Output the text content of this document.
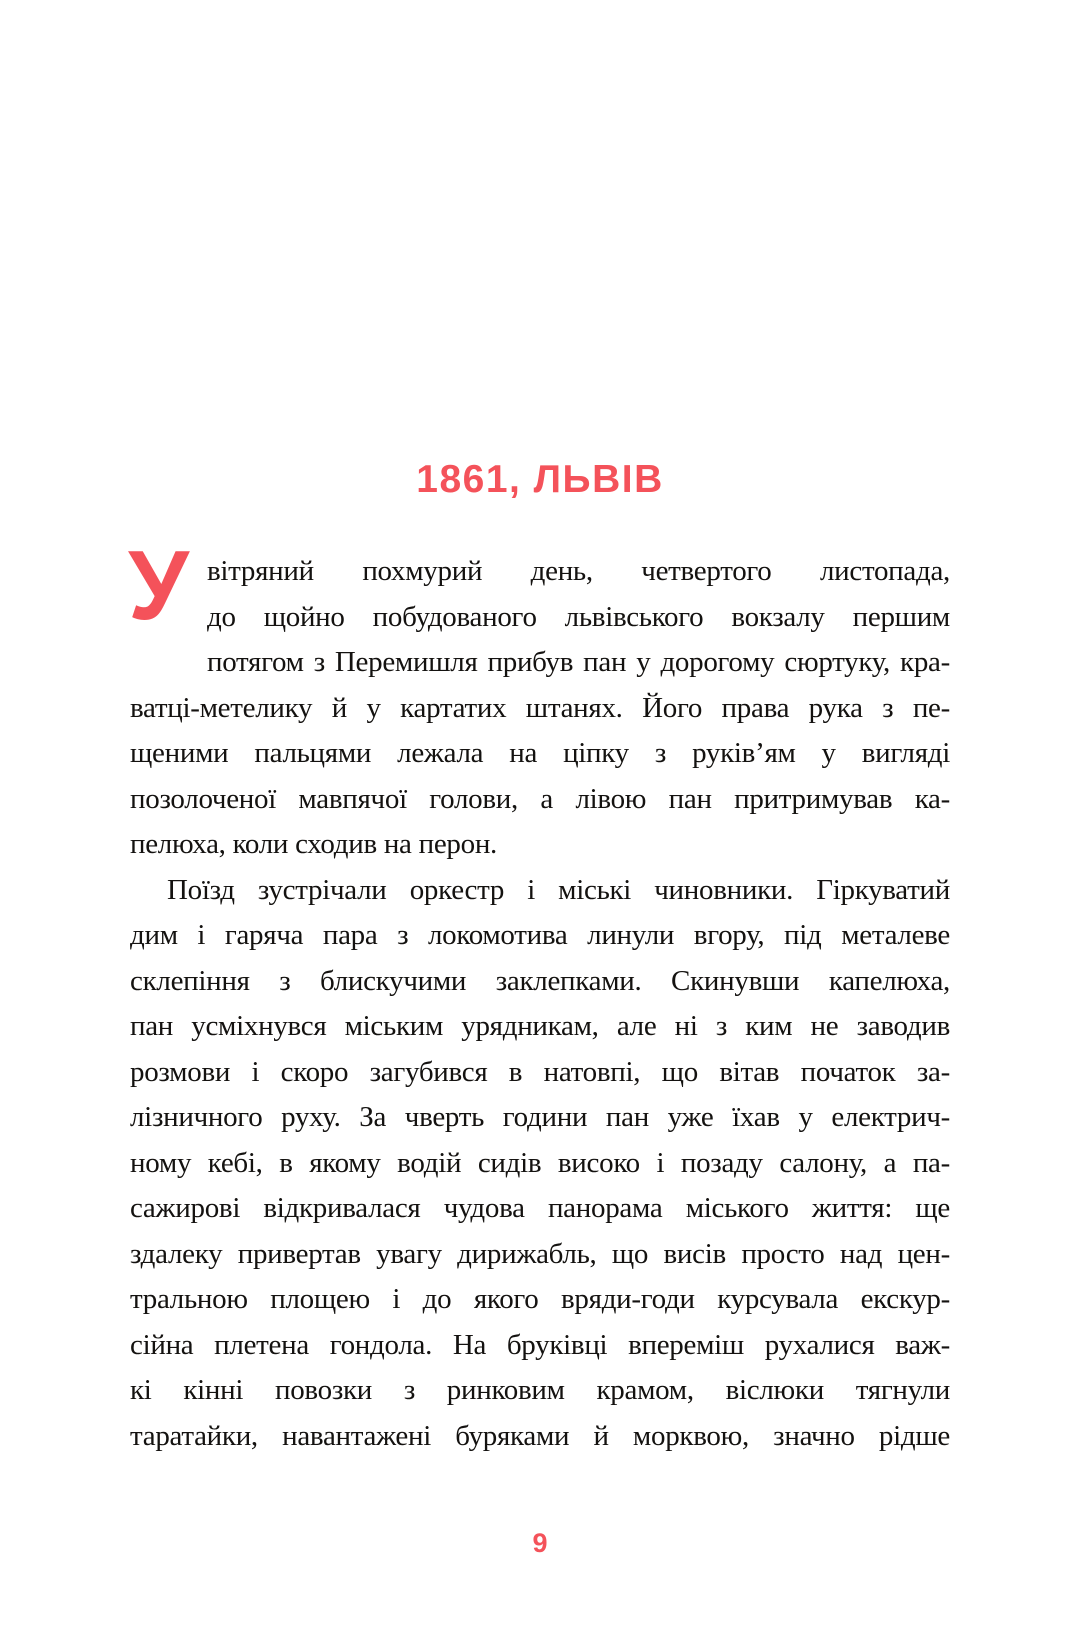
1861, ЛЬВІВ
У вітряний похмурий день, четвертого листопада,
до щойно побудованого львівського вокзалу першим
потягом з Перемишля прибув пан у дорогому сюртуку, кра-
ватці-метелику й у картатих штанях. Його права рука з пе-
щеними пальцями лежала на ціпку з руків’ям у вигляді
позолоченої мавпячої голови, а лівою пан притримував ка-
пелюха, коли сходив на перон.
Поїзд зустрічали оркестр і міські чиновники. Гіркуватий
дим і гаряча пара з локомотива линули вгору, під металеве
склепіння з блискучими заклепками. Скинувши капелюха,
пан усміхнувся міським урядникам, але ні з ким не заводив
розмови і скоро загубився в натовпі, що вітав початок за-
лізничного руху. За чверть години пан уже їхав у електрич-
ному кебі, в якому водій сидів високо і позаду салону, а па-
сажирові відкривалася чудова панорама міського життя: ще
здалеку привертав увагу дирижабль, що висів просто над цен-
тральною площею і до якого вряди-годи курсувала екскур-
сійна плетена гондола. На бруківці впереміш рухалися важ-
кі кінні повозки з ринковим крамом, віслюки тягнули
таратайки, навантажені буряками й морквою, значно рідше
9
